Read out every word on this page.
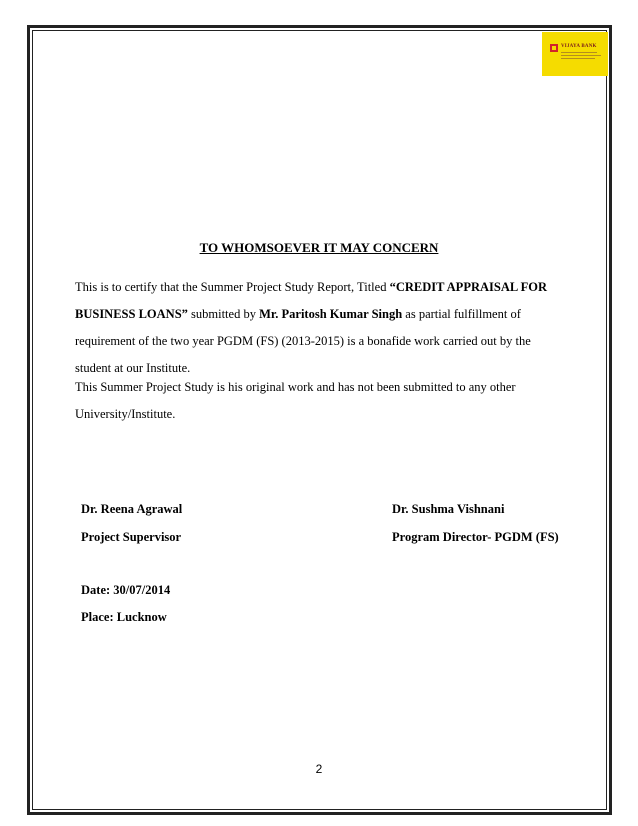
VIJAYA BANK
TO WHOMSOEVER IT MAY CONCERN
This is to certify that the Summer Project Study Report, Titled “CREDIT APPRAISAL FOR BUSINESS LOANS” submitted by Mr. Paritosh Kumar Singh as partial fulfillment of requirement of the two year PGDM (FS) (2013-2015) is a bonafide work carried out by the student at our Institute.
This Summer Project Study is his original work and has not been submitted to any other University/Institute.
Dr. Reena Agrawal
Project Supervisor
Dr. Sushma Vishnani
Program Director- PGDM (FS)
Date: 30/07/2014
Place: Lucknow
2
